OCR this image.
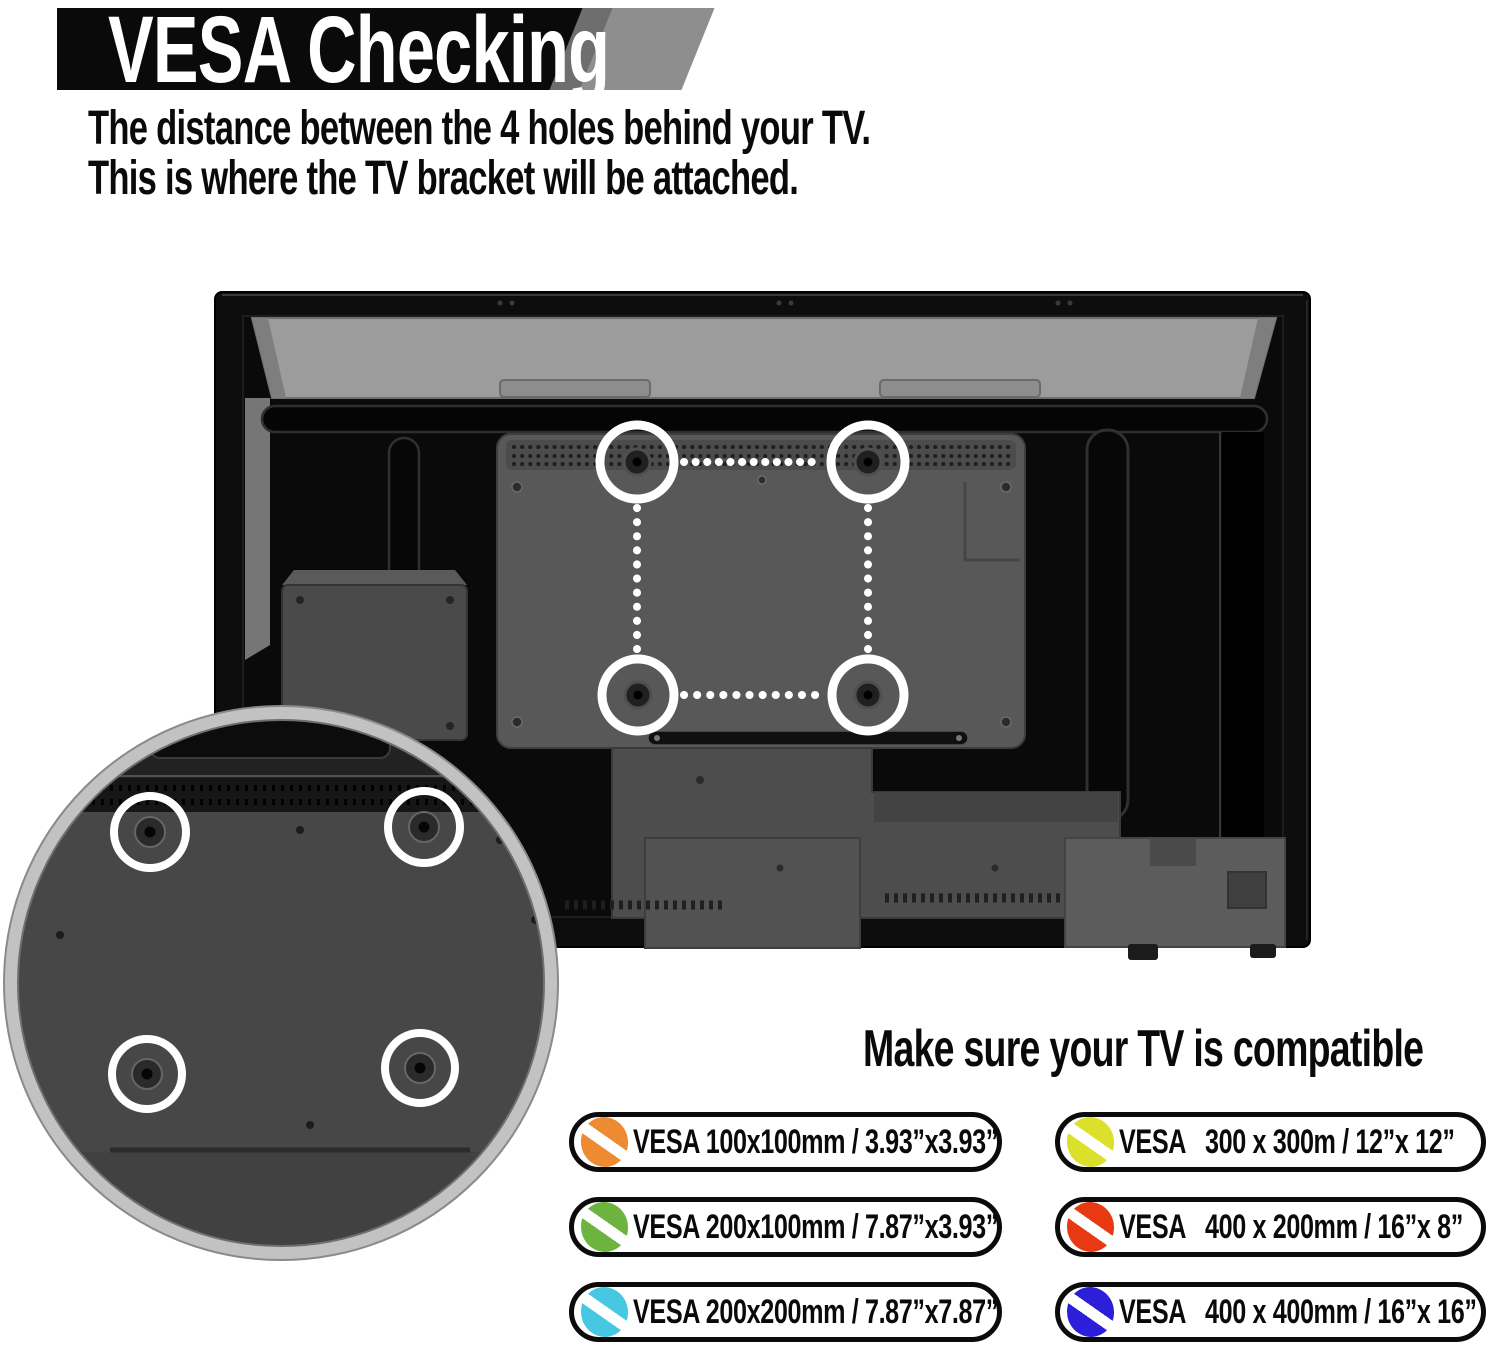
VESA Checking
The distance between the 4 holes behind your TV.
This is where the TV bracket will be attached.
Make sure your TV is compatible
VESA 100x100mm / 3.93”x3.93”	VESA   300 x 300m / 12”x 12”
VESA 200x100mm / 7.87”x3.93”	VESA   400 x 200mm / 16”x 8”
VESA 200x200mm / 7.87”x7.87”	VESA   400 x 400mm / 16”x 16”
